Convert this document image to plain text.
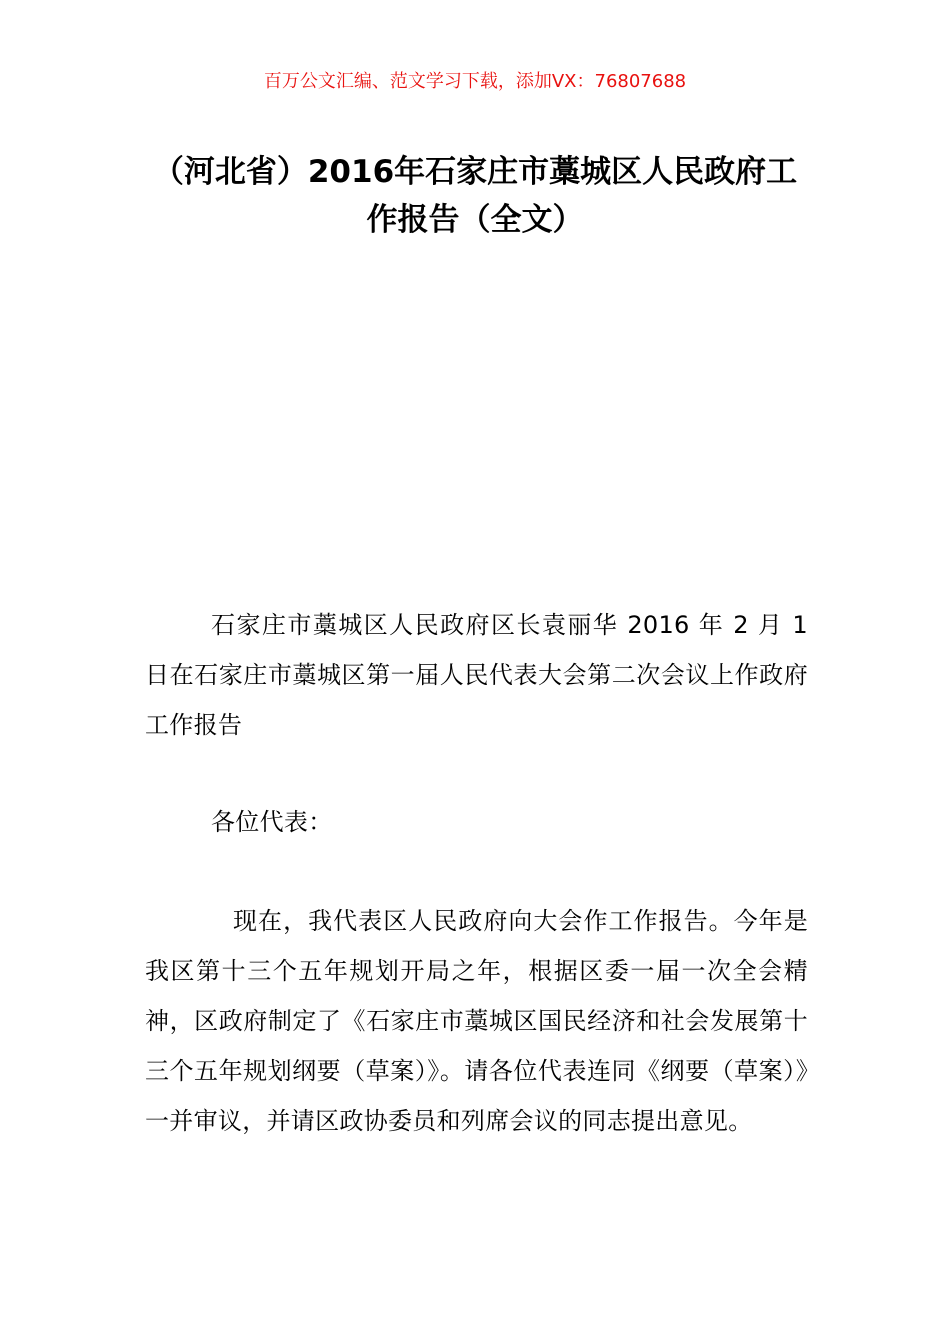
百万公文汇编、范文学习下载，添加VX：76807688
（河北省）2016年石家庄市藁城区人民政府工作报告（全文）

石家庄市藁城区人民政府区长袁丽华 2016 年 2 月 1 日在石家庄市藁城区第一届人民代表大会第二次会议上作政府工作报告

各位代表：

现在，我代表区人民政府向大会作工作报告。今年是我区第十三个五年规划开局之年，根据区委一届一次全会精神，区政府制定了《石家庄市藁城区国民经济和社会发展第十三个五年规划纲要（草案）》。请各位代表连同《纲要（草案）》一并审议，并请区政协委员和列席会议的同志提出意见。
